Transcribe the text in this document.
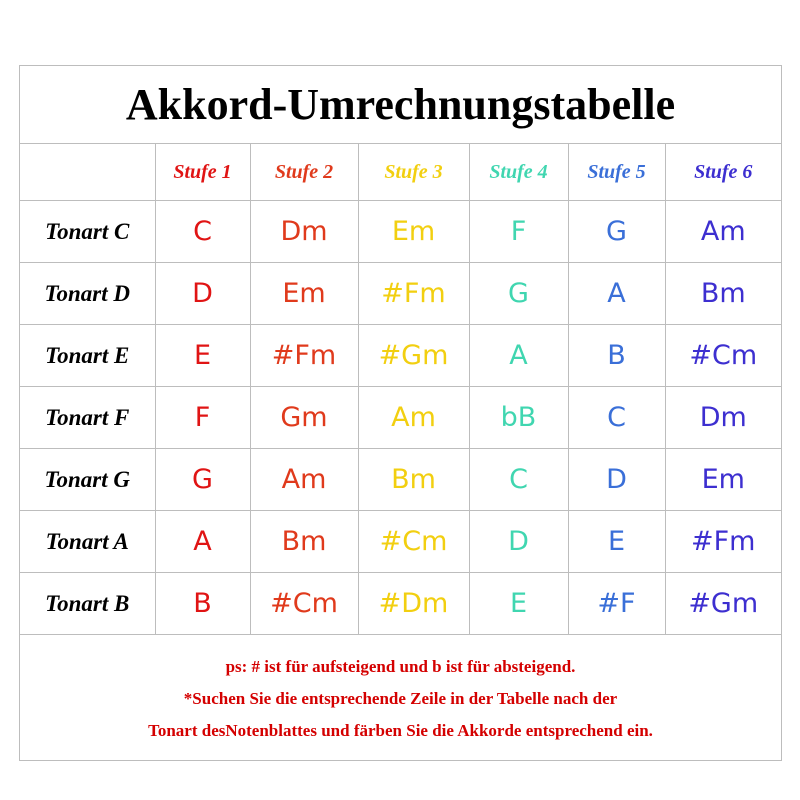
Akkord-Umrechnungstabelle
	Stufe 1	Stufe 2	Stufe 3	Stufe 4	Stufe 5	Stufe 6
Tonart C	C	Dm	Em	F	G	Am
Tonart D	D	Em	#Fm	G	A	Bm
Tonart E	E	#Fm	#Gm	A	B	#Cm
Tonart F	F	Gm	Am	bB	C	Dm
Tonart G	G	Am	Bm	C	D	Em
Tonart A	A	Bm	#Cm	D	E	#Fm
Tonart B	B	#Cm	#Dm	E	#F	#Gm
ps: # ist für aufsteigend und b ist für absteigend.
*Suchen Sie die entsprechende Zeile in der Tabelle nach der
Tonart desNotenblattes und färben Sie die Akkorde entsprechend ein.
